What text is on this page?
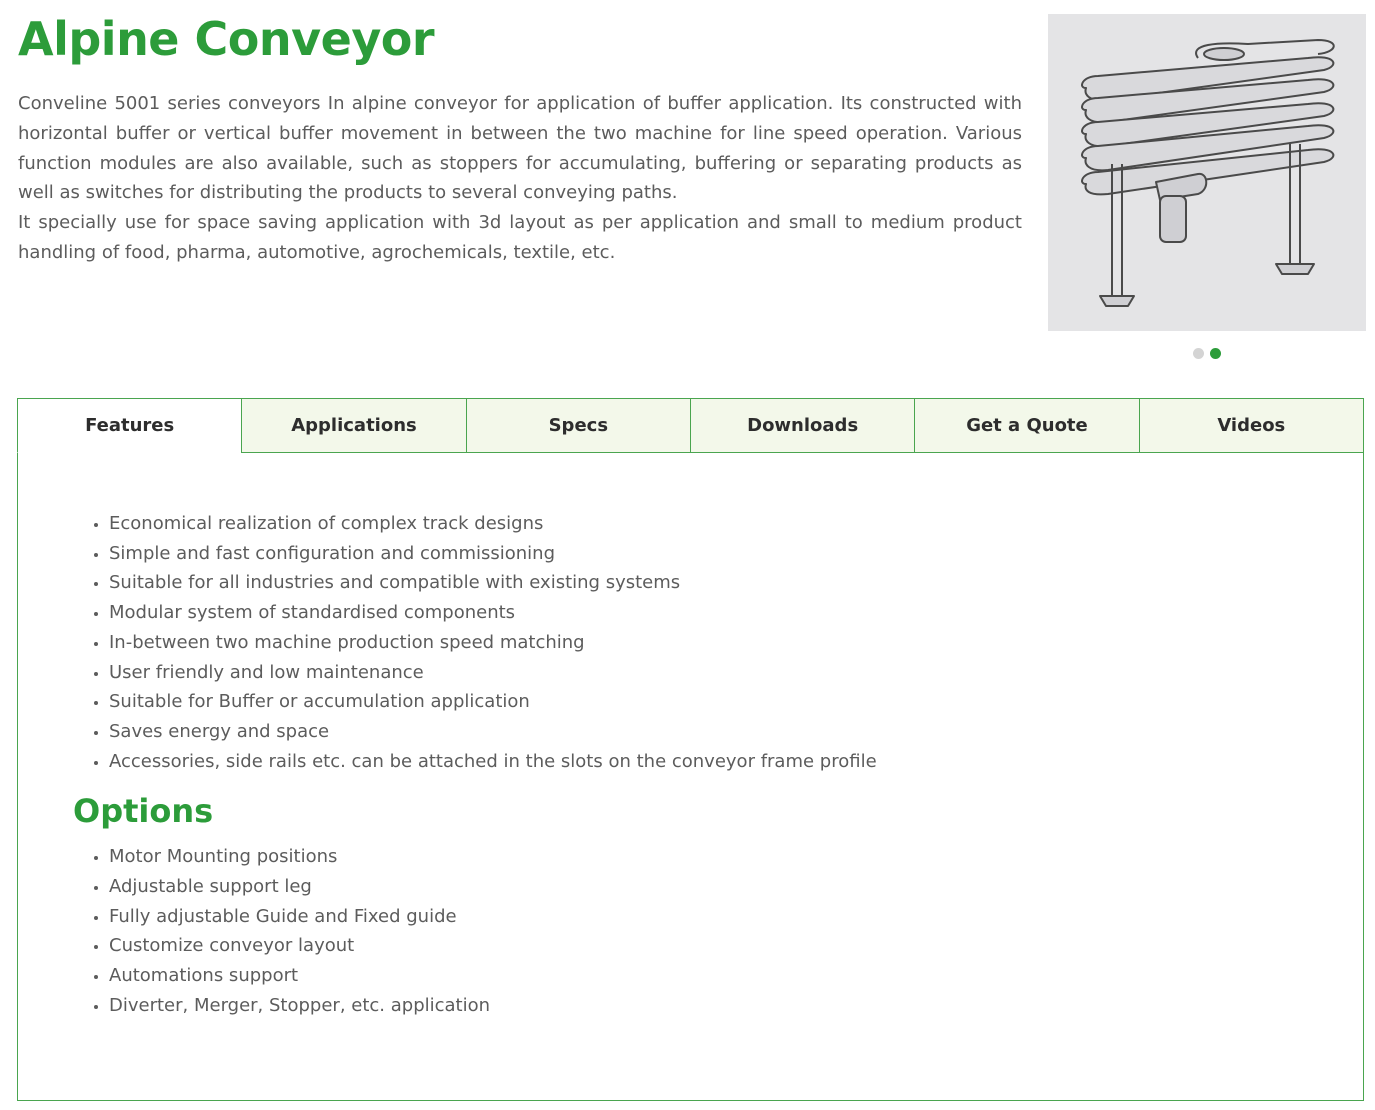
Alpine Conveyor

Conveline 5001 series conveyors In alpine conveyor for application of buffer application. Its constructed with horizontal buffer or vertical buffer movement in between the two machine for line speed operation. Various function modules are also available, such as stoppers for accumulating, buffering or separating products as well as switches for distributing the products to several conveying paths.

It specially use for space saving application with 3d layout as per application and small to medium product handling of food, pharma, automotive, agrochemicals, textile, etc.

Features	Applications	Specs	Downloads	Get a Quote	Videos
• Economical realization of complex track designs
• Simple and fast configuration and commissioning
• Suitable for all industries and compatible with existing systems
• Modular system of standardised components
• In-between two machine production speed matching
• User friendly and low maintenance
• Suitable for Buffer or accumulation application
• Saves energy and space
• Accessories, side rails etc. can be attached in the slots on the conveyor frame profile
Options
• Motor Mounting positions
• Adjustable support leg
• Fully adjustable Guide and Fixed guide
• Customize conveyor layout
• Automations support
• Diverter, Merger, Stopper, etc. application
